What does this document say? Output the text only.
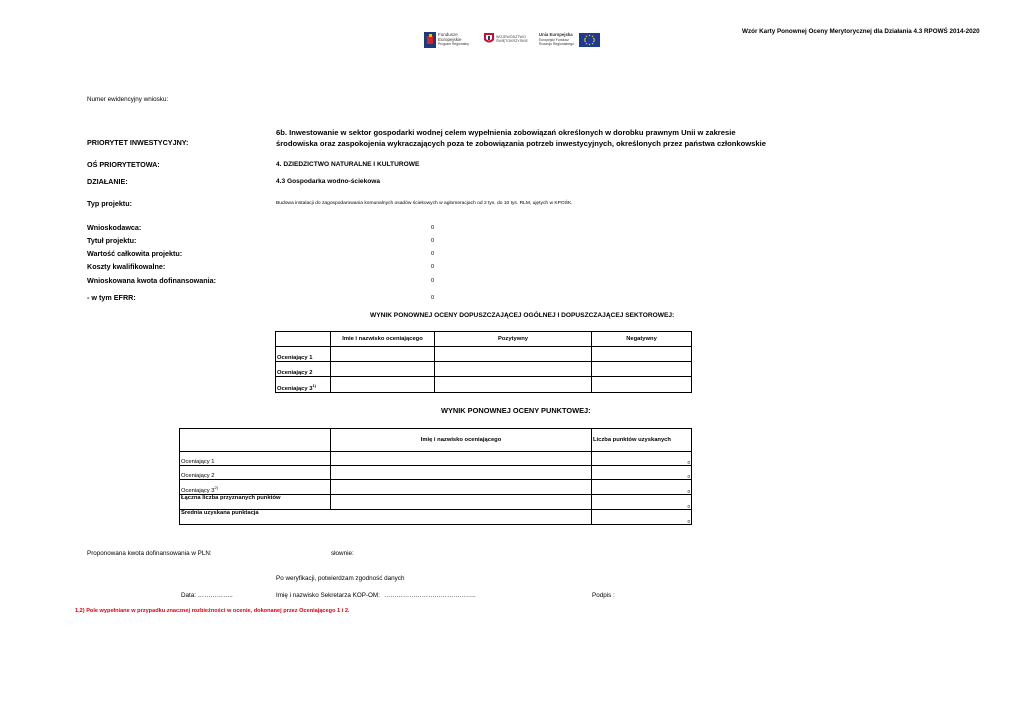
Wzór Karty Ponownej Oceny Merytorycznej dla Działania 4.3 RPOWŚ 2014-2020
Fundusze
Europejskie
Program Regionalny
WOJEWÓDZTWO
ŚWIĘTOKRZYSKIE
Unia Europejska
Europejski Fundusz
Rozwoju Regionalnego
Numer ewidencyjny wniosku:
PRIORYTET INWESTYCYJNY:
6b. Inwestowanie w sektor gospodarki wodnej celem wypełnienia zobowiązań określonych w dorobku prawnym Unii w zakresie
środowiska oraz zaspokojenia wykraczających poza te zobowiązania potrzeb inwestycyjnych, określonych przez państwa członkowskie
OŚ PRIORYTETOWA:	4. DZIEDZICTWO NATURALNE I KULTUROWE
DZIAŁANIE:	4.3 Gospodarka wodno-ściekowa
Typ projektu:	Budowa instalacji do zagospodarowania komunalnych osadów ściekowych w aglomeracjach od 2 tys. do 10 tys. RLM, ujętych w KPOŚK.
Wnioskodawca:	0
Tytuł projektu:	0
Wartość całkowita projektu:	0
Koszty kwalifikowalne:	0
Wnioskowana kwota dofinansowania:	0
- w tym EFRR:	0
WYNIK PONOWNEJ OCENY DOPUSZCZAJĄCEJ OGÓLNEJ I DOPUSZCZAJĄCEJ SEKTOROWEJ:
	Imie i nazwisko oceniającego	Pozytywny	Negatywny
Oceniający 1			
Oceniający 2			
Oceniający 3$^{1)}$			
WYNIK PONOWNEJ OCENY PUNKTOWEJ:
	Imię i nazwisko oceniającego	Liczba punktów uzyskanych
Oceniający 1		0
Oceniający 2		0
Oceniający 3$^{2)}$		0
Łączna liczba przyznanych punktów		0
Średnia uzyskana punktacja		0
Proponowana kwota dofinansowania w PLN:	słownie:
Po weryfikacji, potwierdzam zgodność danych
Data: ……………..	Imię i nazwisko Sekretarza KOP-OM: ……………………………………..	Podpis :
1,2) Pole wypełniane w przypadku znacznej rozbieżności w ocenie, dokonanej przez Oceniającego 1 i 2.
